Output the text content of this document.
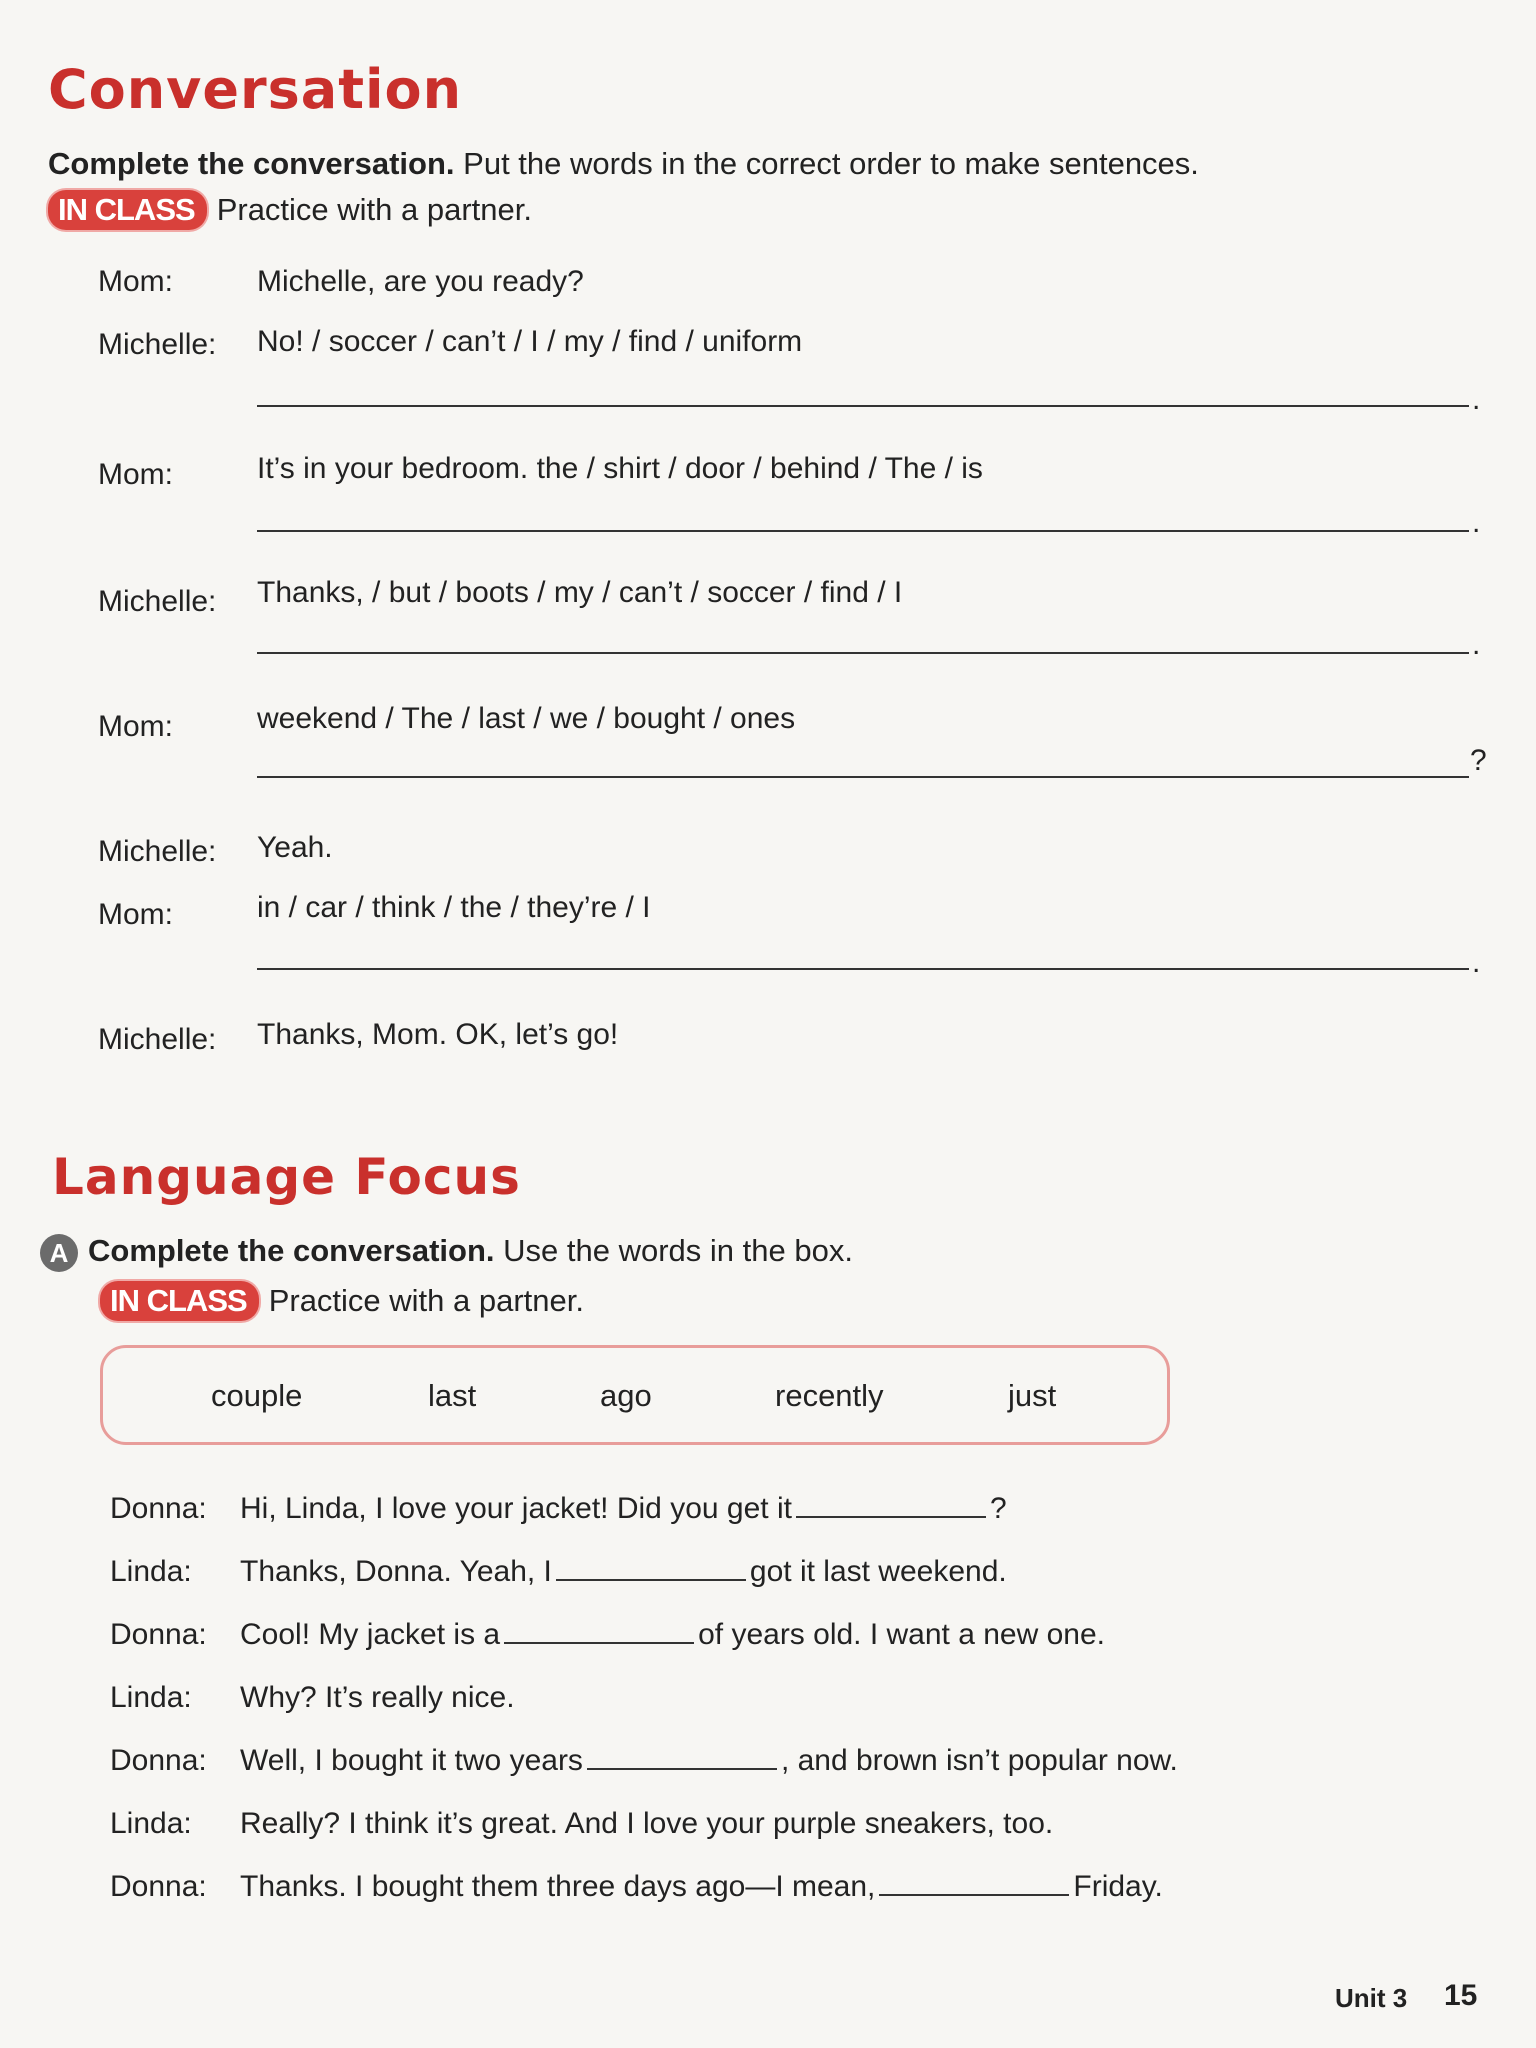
Conversation
Complete the conversation. Put the words in the correct order to make sentences.
IN CLASS Practice with a partner.
Mom:	Michelle, are you ready?
Michelle: No! / soccer / can’t / I / my / find / uniform
.
Mom:	It’s in your bedroom. the / shirt / door / behind / The / is
.
Michelle: Thanks, / but / boots / my / can’t / soccer / find / I
.
Mom:	weekend / The / last / we / bought / ones
?
Michelle: Yeah.
Mom:	in / car / think / the / they’re / I
.
Michelle: Thanks, Mom. OK, let’s go!
Language Focus
A Complete the conversation. Use the words in the box.
IN CLASS Practice with a partner.
couple	last	ago	recently	just
Donna: Hi, Linda, I love your jacket! Did you get it	?
Linda: Thanks, Donna. Yeah, I	got it last weekend.
Donna: Cool! My jacket is a	of years old. I want a new one.
Linda: Why? It’s really nice.
Donna: Well, I bought it two years	, and brown isn’t popular now.
Linda: Really? I think it’s great. And I love your purple sneakers, too.
Donna: Thanks. I bought them three days ago—I mean,	Friday.
Unit 3 15
